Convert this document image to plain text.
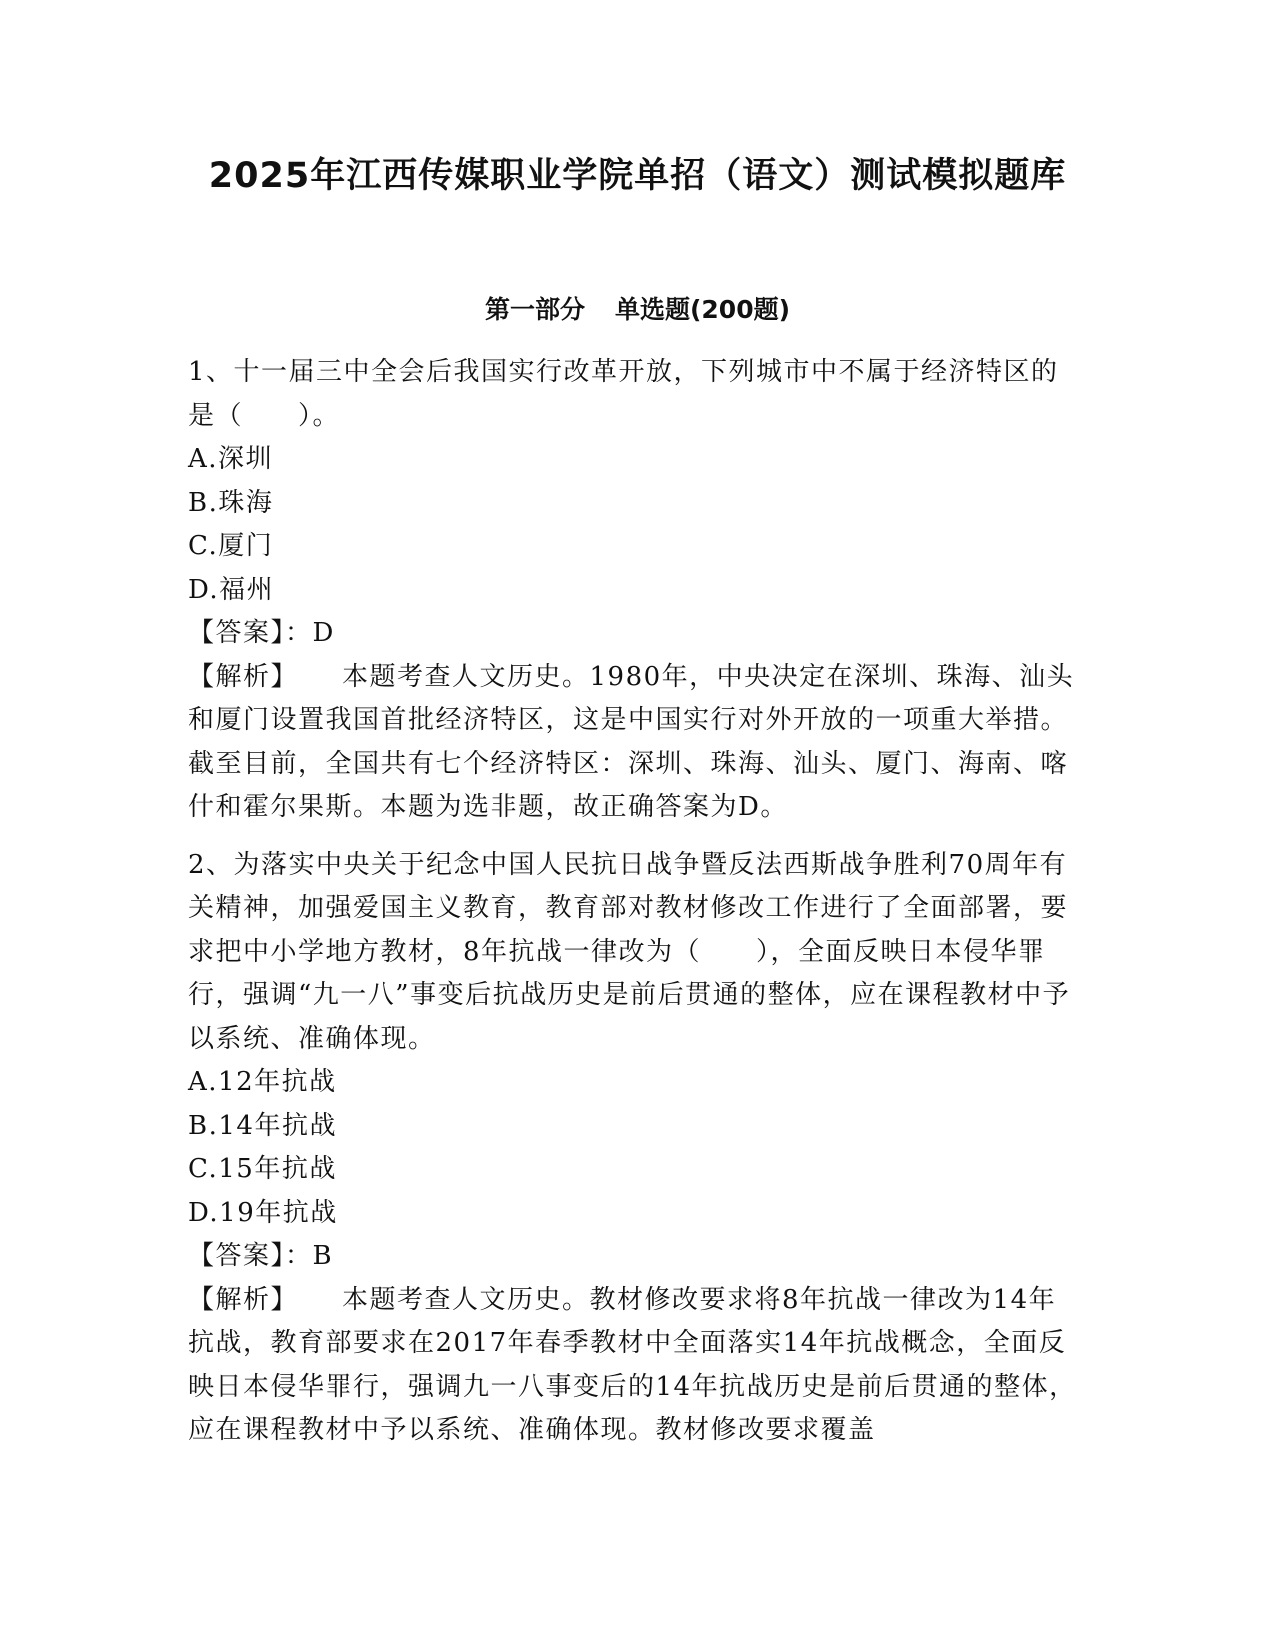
2025年江西传媒职业学院单招（语文）测试模拟题库
第一部分 单选题(200题)

1、十一届三中全会后我国实行改革开放，下列城市中不属于经济特区的是（　　）。

A.深圳

B.珠海

C.厦门

D.福州

【答案】：D

【解析】 本题考查人文历史。1980年，中央决定在深圳、珠海、汕头和厦门设置我国首批经济特区，这是中国实行对外开放的一项重大举措。截至目前，全国共有七个经济特区：深圳、珠海、汕头、厦门、海南、喀什和霍尔果斯。本题为选非题，故正确答案为D。

2、为落实中央关于纪念中国人民抗日战争暨反法西斯战争胜利70周年有关精神，加强爱国主义教育，教育部对教材修改工作进行了全面部署，要求把中小学地方教材，8年抗战一律改为（　　），全面反映日本侵华罪行，强调“九一八”事变后抗战历史是前后贯通的整体，应在课程教材中予以系统、准确体现。

A.12年抗战

B.14年抗战

C.15年抗战

D.19年抗战

【答案】：B

【解析】 本题考查人文历史。教材修改要求将8年抗战一律改为14年抗战，教育部要求在2017年春季教材中全面落实14年抗战概念，全面反映日本侵华罪行，强调九一八事变后的14年抗战历史是前后贯通的整体，应在课程教材中予以系统、准确体现。教材修改要求覆盖
